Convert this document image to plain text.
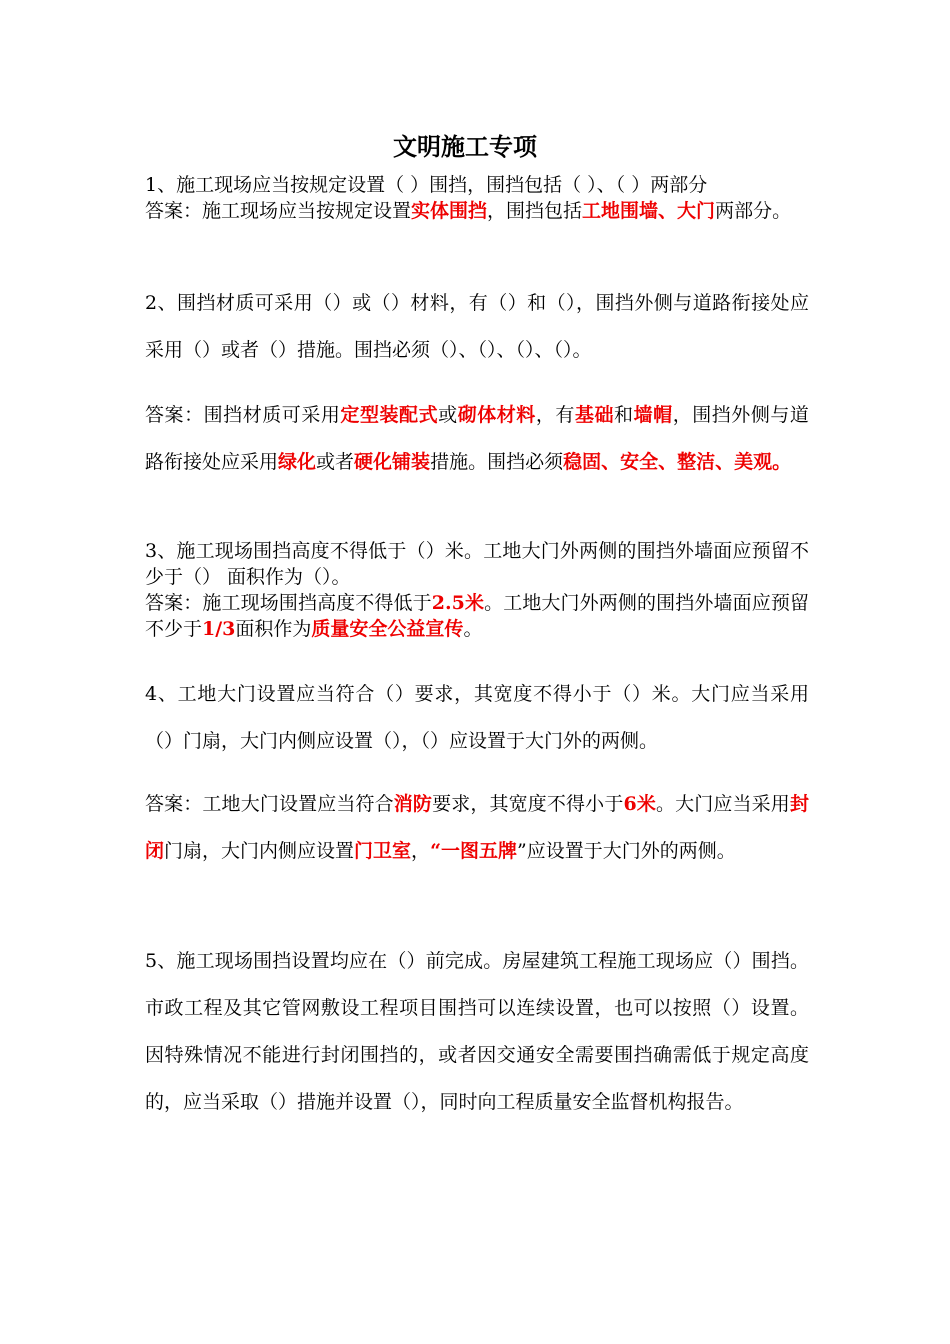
文明施工专项

1、施工现场应当按规定设置（ ）围挡，围挡包括（ ）、（ ）两部分

答案：施工现场应当按规定设置实体围挡，围挡包括工地围墙、大门两部分。

2、围挡材质可采用（）或（）材料，有（）和（），围挡外侧与道路衔接处应采用（）或者（）措施。围挡必须（）、（）、（）、（）。

答案：围挡材质可采用定型装配式或砌体材料，有基础和墙帽，围挡外侧与道路衔接处应采用绿化或者硬化铺装措施。围挡必须稳固、安全、整洁、美观。

3、施工现场围挡高度不得低于（）米。工地大门外两侧的围挡外墙面应预留不少于（） 面积作为（）。

答案：施工现场围挡高度不得低于2.5米。工地大门外两侧的围挡外墙面应预留不少于1/3面积作为质量安全公益宣传。

4、工地大门设置应当符合（）要求，其宽度不得小于（）米。大门应当采用（）门扇，大门内侧应设置（），（）应设置于大门外的两侧。

答案：工地大门设置应当符合消防要求，其宽度不得小于6米。大门应当采用封闭门扇，大门内侧应设置门卫室，“一图五牌”应设置于大门外的两侧。

5、施工现场围挡设置均应在（）前完成。房屋建筑工程施工现场应（）围挡。市政工程及其它管网敷设工程项目围挡可以连续设置，也可以按照（）设置。因特殊情况不能进行封闭围挡的，或者因交通安全需要围挡确需低于规定高度的，应当采取（）措施并设置（），同时向工程质量安全监督机构报告。
